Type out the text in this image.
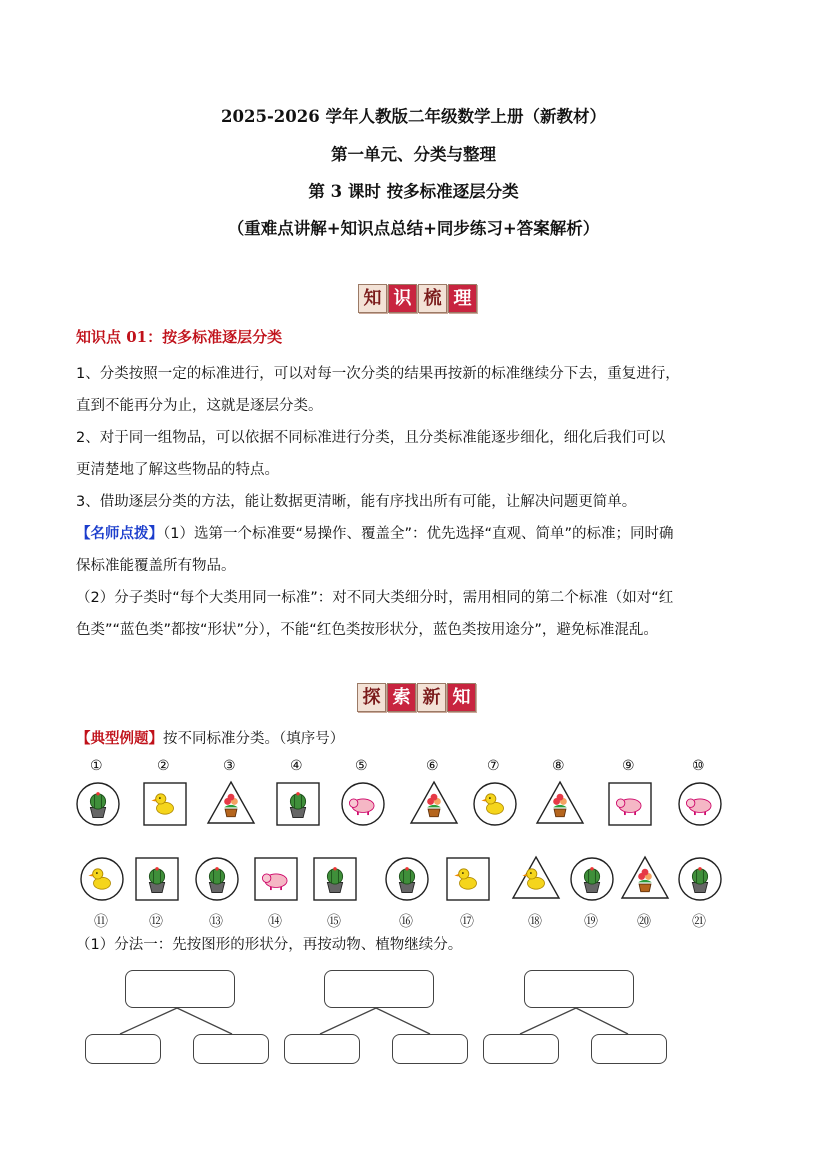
2025-2026 学年人教版二年级数学上册（新教材）
第一单元、分类与整理
第 3 课时 按多标准逐层分类
（重难点讲解+知识点总结+同步练习+答案解析）
知 识 梳 理
知识点 01：按多标准逐层分类
1、分类按照一定的标准进行，可以对每一次分类的结果再按新的标准继续分下去，重复进行，
直到不能再分为止，这就是逐层分类。
2、对于同一组物品，可以依据不同标准进行分类，且分类标准能逐步细化，细化后我们可以
更清楚地了解这些物品的特点。
3、借助逐层分类的方法，能让数据更清晰，能有序找出所有可能，让解决问题更简单。
【名师点拨】（1）选第一个标准要“易操作、覆盖全”：优先选择“直观、简单”的标准；同时确
保标准能覆盖所有物品。
（2）分子类时“每个大类用同一标准”：对不同大类细分时，需用相同的第二个标准（如对“红
色类”“蓝色类”都按“形状”分），不能“红色类按形状分，蓝色类按用途分”，避免标准混乱。
探 索 新 知
【典型例题】按不同标准分类。（填序号）
（1）分法一：先按图形的形状分，再按动物、植物继续分。
①	②	③	④	⑤	⑥	⑦	⑧	⑨	⑩
⑪	⑫	⑬	⑭	⑮	⑯	⑰	⑱	⑲	⑳	㉑
